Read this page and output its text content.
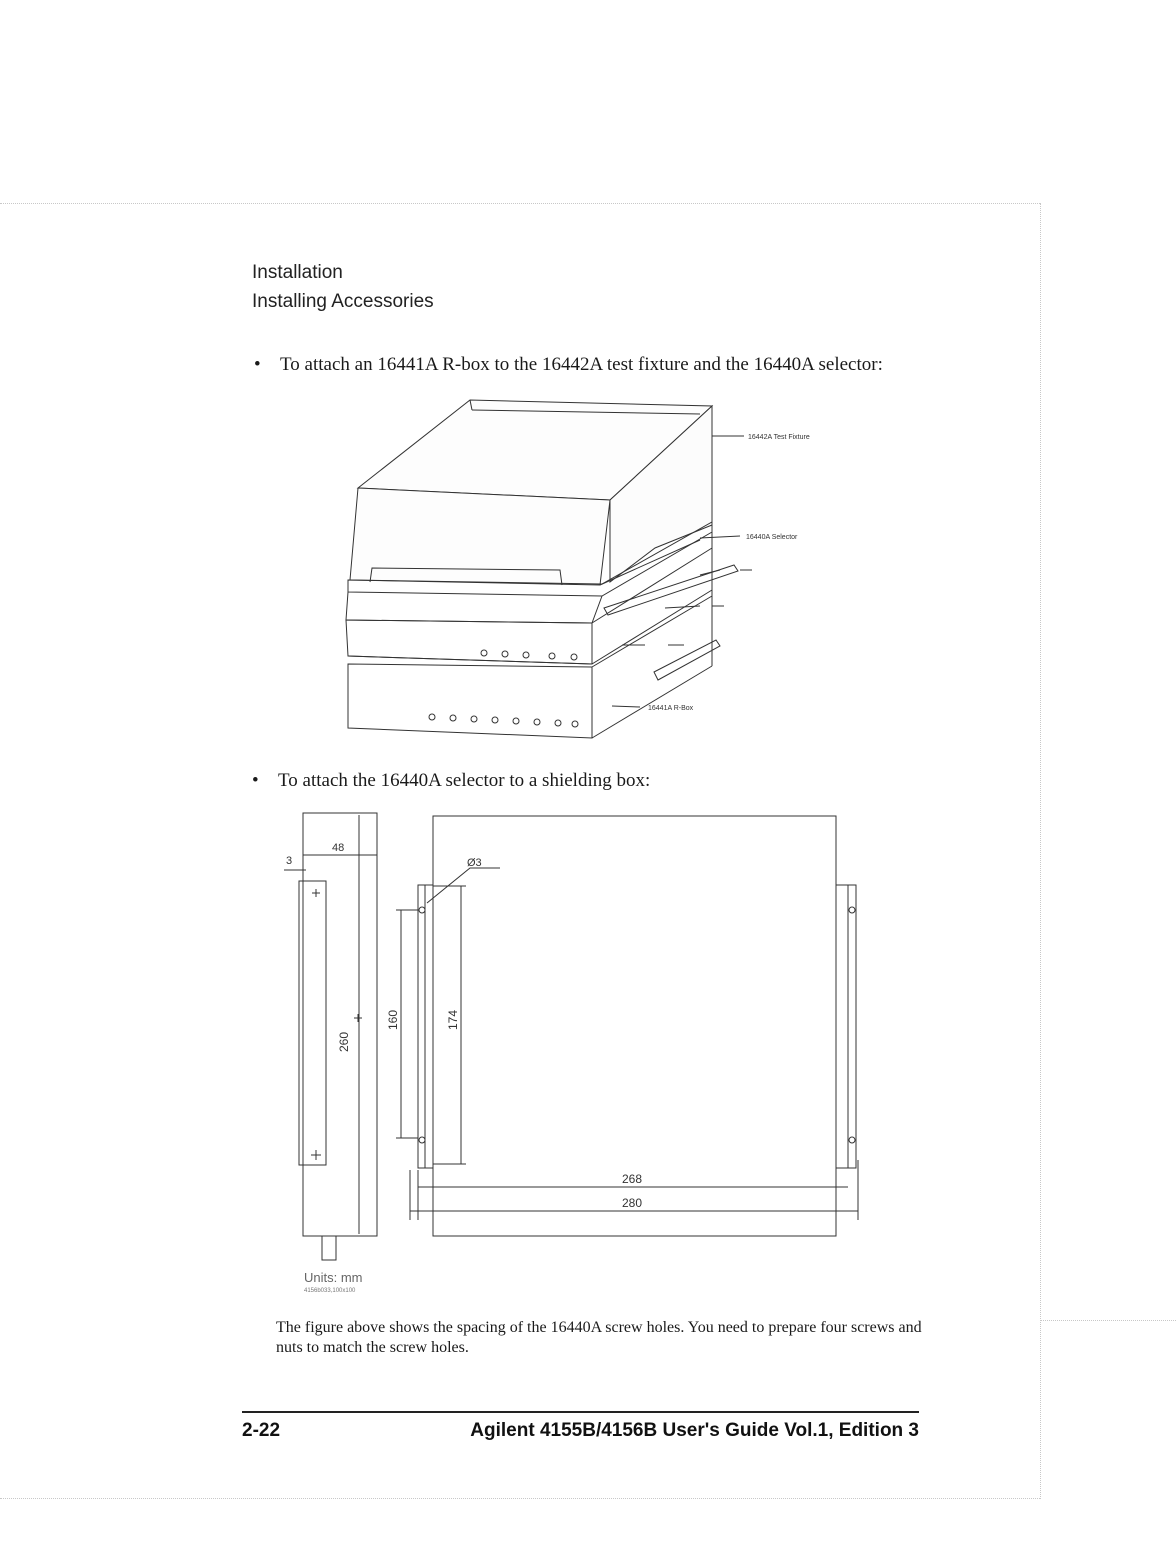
Installation
Installing Accessories
• To attach an 16441A R-box to the 16442A test fixture and the 16440A selector:
• To attach the 16440A selector to a shielding box:
16442A Test Fixture
16440A Selector
16441A R-Box
48
3
260
Ø3
160	174
268
280
Units: mm
4156b033,100x100
The figure above shows the spacing of the 16440A screw holes. You need to prepare four screws and nuts to match the screw holes.
2-22	Agilent 4155B/4156B User's Guide Vol.1, Edition 3
